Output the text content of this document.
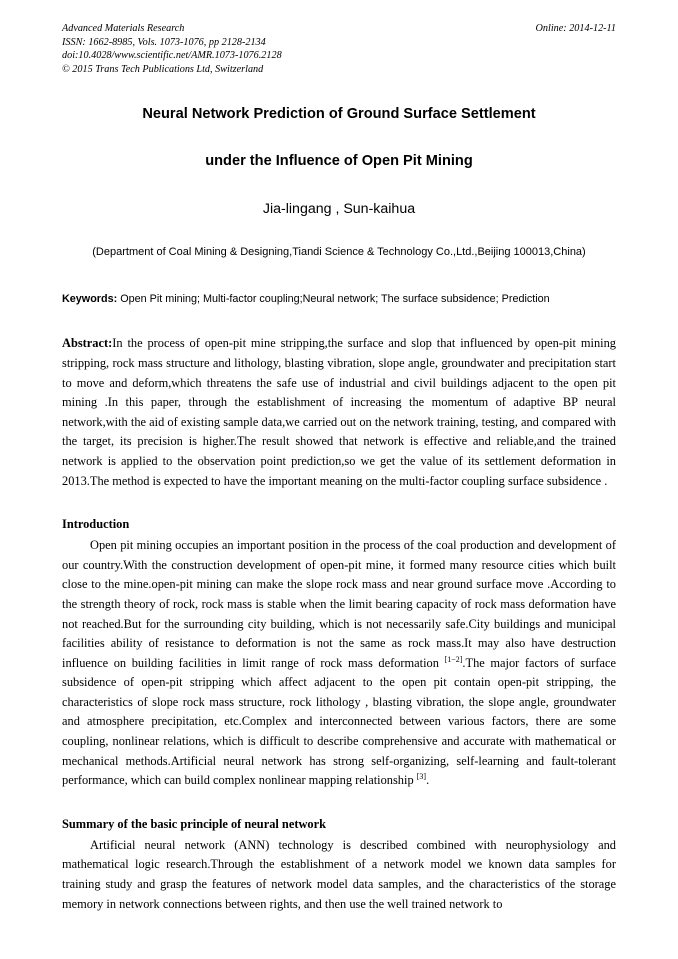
Advanced Materials Research
ISSN: 1662-8985, Vols. 1073-1076, pp 2128-2134
doi:10.4028/www.scientific.net/AMR.1073-1076.2128
© 2015 Trans Tech Publications Ltd, Switzerland
Online: 2014-12-11
Neural Network Prediction of Ground Surface Settlement
under the Influence of Open Pit Mining
Jia-lingang , Sun-kaihua
(Department of Coal Mining & Designing,Tiandi Science & Technology Co.,Ltd.,Beijing 100013,China)
Keywords: Open Pit mining; Multi-factor coupling;Neural network; The surface subsidence; Prediction
Abstract:In the process of open-pit mine stripping,the surface and slop that influenced by open-pit mining stripping, rock mass structure and lithology, blasting vibration, slope angle, groundwater and precipitation start to move and deform,which threatens the safe use of industrial and civil buildings adjacent to the open pit mining .In this paper, through the establishment of increasing the momentum of adaptive BP neural network,with the aid of existing sample data,we carried out on the network training, testing, and compared with the target, its precision is higher.The result showed that network is effective and reliable,and the trained network is applied to the observation point prediction,so we get the value of its settlement deformation in 2013.The method is expected to have the important meaning on the multi-factor coupling surface subsidence .
Introduction
Open pit mining occupies an important position in the process of the coal production and development of our country.With the construction development of open-pit mine, it formed many resource cities which built close to the mine.open-pit mining can make the slope rock mass and near ground surface move .According to the strength theory of rock, rock mass is stable when the limit bearing capacity of rock mass deformation have not reached.But for the surrounding city building, which is not necessarily safe.City buildings and municipal facilities ability of resistance to deformation is not the same as rock mass.It may also have destruction influence on building facilities in limit range of rock mass deformation [1−2].The major factors of surface subsidence of open-pit stripping which affect adjacent to the open pit contain open-pit stripping, the characteristics of slope rock mass structure, rock lithology , blasting vibration, the slope angle, groundwater and atmosphere precipitation, etc.Complex and interconnected between various factors, there are some coupling, nonlinear relations, which is difficult to describe comprehensive and accurate with mathematical or mechanical methods.Artificial neural network has strong self-organizing, self-learning and fault-tolerant performance, which can build complex nonlinear mapping relationship [3].
Summary of the basic principle of neural network
Artificial neural network (ANN) technology is described combined with neurophysiology and mathematical logic research.Through the establishment of a network model we known data samples for training study and grasp the features of network model data samples, and the characteristics of the storage memory in network connections between rights, and then use the well trained network to
